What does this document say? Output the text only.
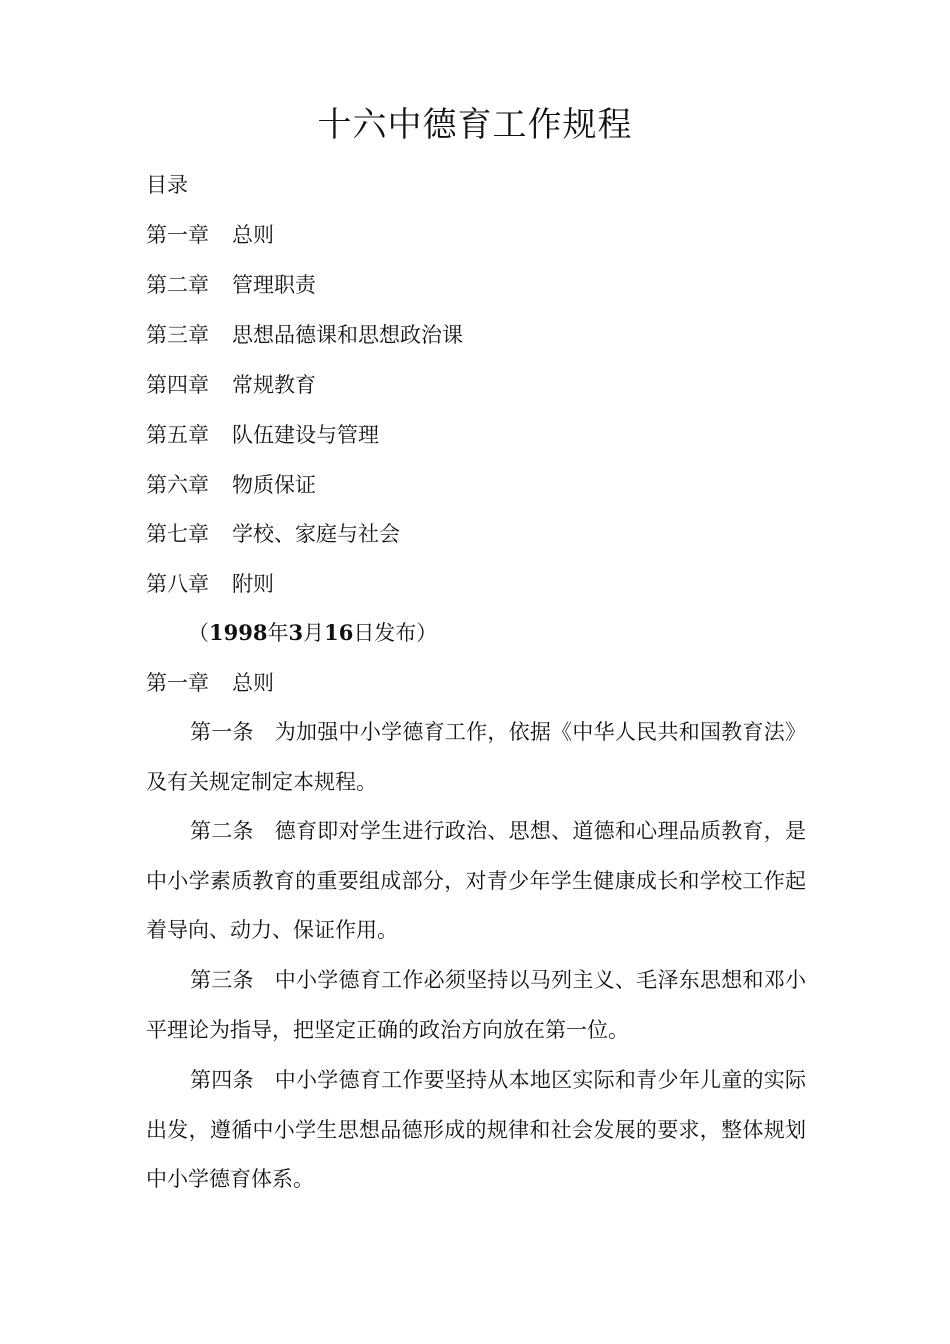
十六中德育工作规程
目录
第一章 总则
第二章 管理职责
第三章 思想品德课和思想政治课
第四章 常规教育
第五章 队伍建设与管理
第六章 物质保证
第七章 学校、家庭与社会
第八章 附则
（1998年3月16日发布）
第一章 总则
第一条 为加强中小学德育工作，依据《中华人民共和国教育法》及有关规定制定本规程。
第二条 德育即对学生进行政治、思想、道德和心理品质教育，是中小学素质教育的重要组成部分，对青少年学生健康成长和学校工作起着导向、动力、保证作用。
第三条 中小学德育工作必须坚持以马列主义、毛泽东思想和邓小平理论为指导，把坚定正确的政治方向放在第一位。
第四条 中小学德育工作要坚持从本地区实际和青少年儿童的实际出发，遵循中小学生思想品德形成的规律和社会发展的要求，整体规划中小学德育体系。
